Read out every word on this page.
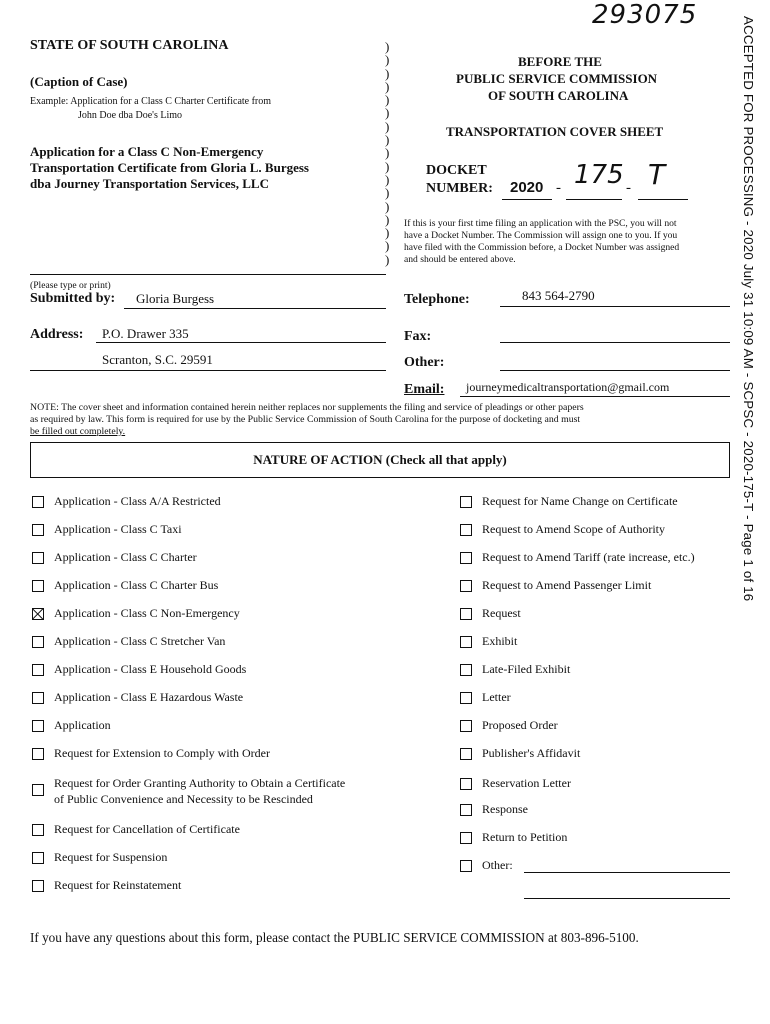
293075
ACCEPTED FOR PROCESSING - 2020 July 31 10:09 AM - SCPSC - 2020-175-T - Page 1 of 16
STATE OF SOUTH CAROLINA
(Caption of Case)
Example: Application for a Class C Charter Certificate from
John Doe dba Doe's Limo
Application for a Class C Non-Emergency
Transportation Certificate from Gloria L. Burgess
dba Journey Transportation Services, LLC
)
)
)
)
)
)
)
)
)
)
)
)
)
)
)
)
)
BEFORE THE
PUBLIC SERVICE COMMISSION
OF SOUTH CAROLINA
TRANSPORTATION COVER SHEET
DOCKET
NUMBER: 2020 - 175 - T
If this is your first time filing an application with the PSC, you will not
have a Docket Number. The Commission will assign one to you. If you
have filed with the Commission before, a Docket Number was assigned
and should be entered above.
(Please type or print)
Submitted by: Gloria Burgess
Address: P.O. Drawer 335
Scranton, S.C. 29591
Telephone:	843 564-2790
Fax:
Other:
Email: journeymedicaltransportation@gmail.com
NOTE: The cover sheet and information contained herein neither replaces nor supplements the filing and service of pleadings or other papers
as required by law. This form is required for use by the Public Service Commission of South Carolina for the purpose of docketing and must
be filled out completely.
NATURE OF ACTION (Check all that apply)
Application - Class A/A Restricted
Application - Class C Taxi
Application - Class C Charter
Application - Class C Charter Bus
Application - Class C Non-Emergency
Application - Class C Stretcher Van
Application - Class E Household Goods
Application - Class E Hazardous Waste
Application
Request for Extension to Comply with Order
Request for Order Granting Authority to Obtain a Certificate
of Public Convenience and Necessity to be Rescinded
Request for Cancellation of Certificate
Request for Suspension
Request for Reinstatement
Request for Name Change on Certificate
Request to Amend Scope of Authority
Request to Amend Tariff (rate increase, etc.)
Request to Amend Passenger Limit
Request
Exhibit
Late-Filed Exhibit
Letter
Proposed Order
Publisher's Affidavit
Reservation Letter
Response
Return to Petition
Other:
If you have any questions about this form, please contact the PUBLIC SERVICE COMMISSION at 803-896-5100.
